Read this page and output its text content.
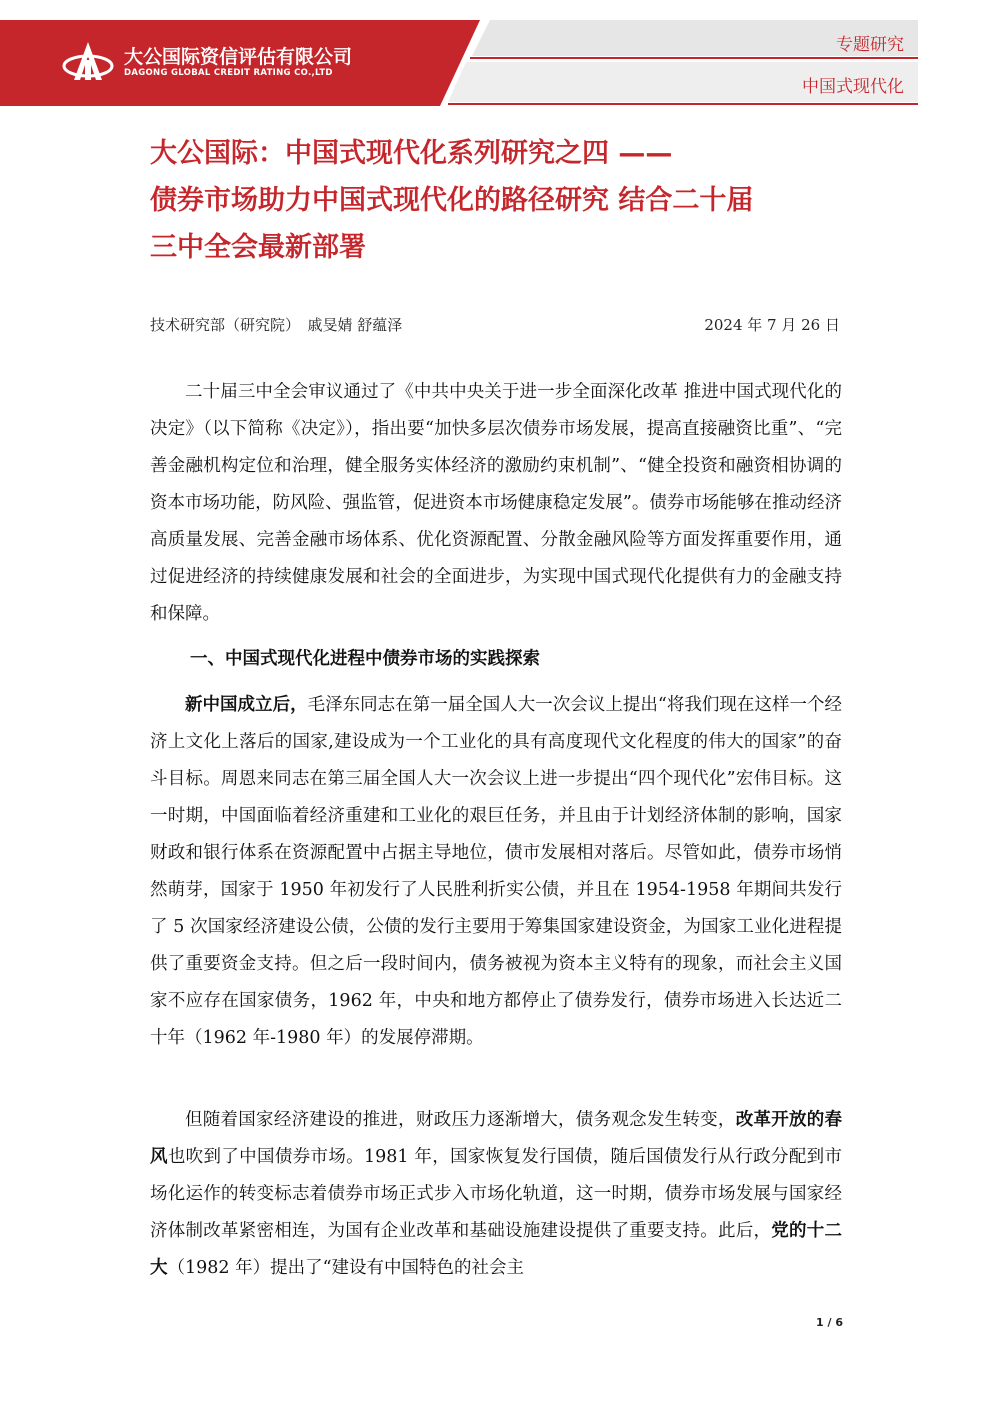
大公国际资信评估有限公司
DAGONG GLOBAL CREDIT RATING CO.,LTD
专题研究
中国式现代化
大公国际：中国式现代化系列研究之四 ——
债券市场助力中国式现代化的路径研究 结合二十届
三中全会最新部署
技术研究部（研究院）　戚旻婧 舒蕴泽	2024 年 7 月 26 日

二十届三中全会审议通过了《中共中央关于进一步全面深化改革 推进中国式现代化的决定》（以下简称《决定》），指出要“加快多层次债券市场发展，提高直接融资比重”、“完善金融机构定位和治理，健全服务实体经济的激励约束机制”、“健全投资和融资相协调的资本市场功能，防风险、强监管，促进资本市场健康稳定发展”。债券市场能够在推动经济高质量发展、完善金融市场体系、优化资源配置、分散金融风险等方面发挥重要作用，通过促进经济的持续健康发展和社会的全面进步，为实现中国式现代化提供有力的金融支持和保障。

一、中国式现代化进程中债券市场的实践探索

新中国成立后，毛泽东同志在第一届全国人大一次会议上提出“将我们现在这样一个经济上文化上落后的国家,建设成为一个工业化的具有高度现代文化程度的伟大的国家”的奋斗目标。周恩来同志在第三届全国人大一次会议上进一步提出“四个现代化”宏伟目标。这一时期，中国面临着经济重建和工业化的艰巨任务，并且由于计划经济体制的影响，国家财政和银行体系在资源配置中占据主导地位，债市发展相对落后。尽管如此，债券市场悄然萌芽，国家于 1950 年初发行了人民胜利折实公债，并且在 1954-1958 年期间共发行了 5 次国家经济建设公债，公债的发行主要用于筹集国家建设资金，为国家工业化进程提供了重要资金支持。但之后一段时间内，债务被视为资本主义特有的现象，而社会主义国家不应存在国家债务，1962 年，中央和地方都停止了债券发行，债券市场进入长达近二十年（1962 年-1980 年）的发展停滞期。

但随着国家经济建设的推进，财政压力逐渐增大，债务观念发生转变，改革开放的春风也吹到了中国债券市场。1981 年，国家恢复发行国债，随后国债发行从行政分配到市场化运作的转变标志着债券市场正式步入市场化轨道，这一时期，债券市场发展与国家经济体制改革紧密相连，为国有企业改革和基础设施建设提供了重要支持。此后，党的十二大（1982 年）提出了“建设有中国特色的社会主

1 / 6
